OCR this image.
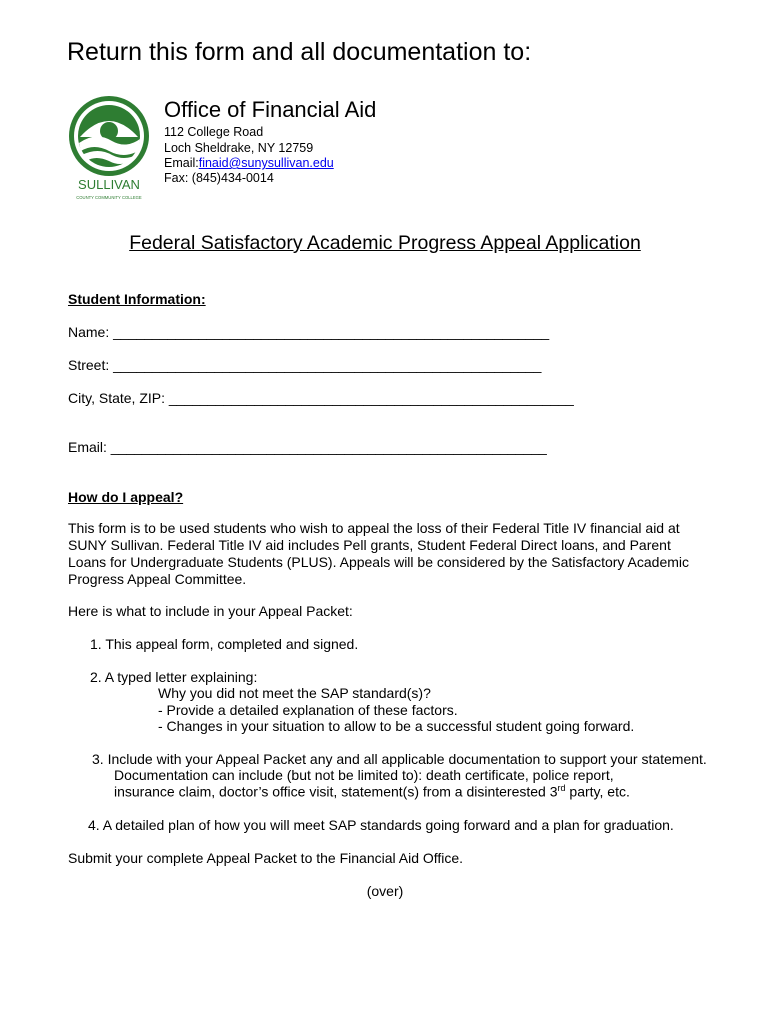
Return this form and all documentation to:
SULLIVAN
COUNTY COMMUNITY COLLEGE
Office of Financial Aid
112 College Road
Loch Sheldrake, NY 12759
Email:finaid@sunysullivan.edu
Fax: (845)434-0014
Federal Satisfactory Academic Progress Appeal Application
Student Information:
Name: ________________________________________________________
Street: _______________________________________________________
City, State, ZIP: ____________________________________________________
Email: ________________________________________________________
How do I appeal?
This form is to be used students who wish to appeal the loss of their Federal Title IV financial aid at SUNY Sullivan. Federal Title IV aid includes Pell grants, Student Federal Direct loans, and Parent Loans for Undergraduate Students (PLUS). Appeals will be considered by the Satisfactory Academic Progress Appeal Committee.
Here is what to include in your Appeal Packet:
1. This appeal form, completed and signed.
2. A typed letter explaining:
Why you did not meet the SAP standard(s)?
- Provide a detailed explanation of these factors.
- Changes in your situation to allow to be a successful student going forward.
3. Include with your Appeal Packet any and all applicable documentation to support your statement.
Documentation can include (but not be limited to): death certificate, police report,
insurance claim, doctor’s office visit, statement(s) from a disinterested 3rd party, etc.
4. A detailed plan of how you will meet SAP standards going forward and a plan for graduation.
Submit your complete Appeal Packet to the Financial Aid Office.
(over)
